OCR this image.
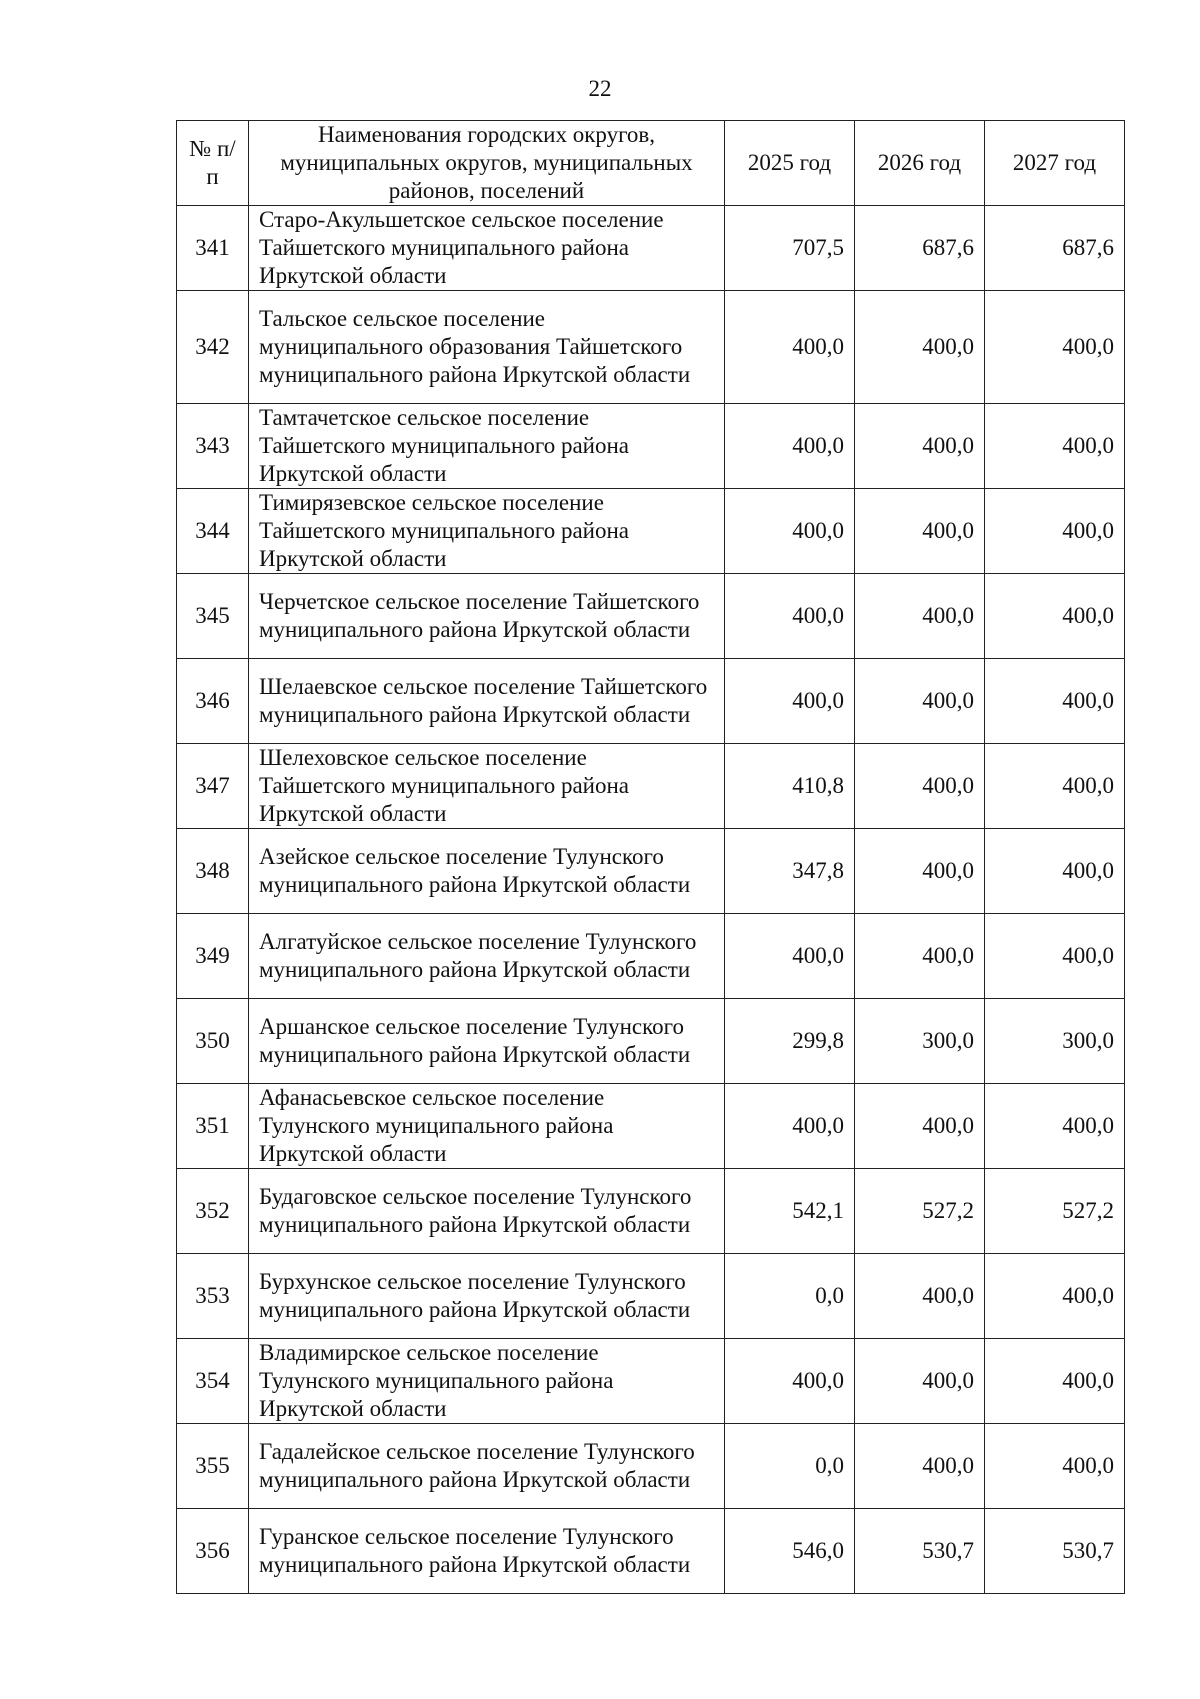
22
№ п/п	Наименования городских округов, муниципальных округов, муниципальных районов, поселений	2025 год	2026 год	2027 год
341	Старо-Акульшетское сельское поселение Тайшетского муниципального района Иркутской области	707,5	687,6	687,6
342	Тальское сельское поселение муниципального образования Тайшетского муниципального района Иркутской области	400,0	400,0	400,0
343	Тамтачетское сельское поселение Тайшетского муниципального района Иркутской области	400,0	400,0	400,0
344	Тимирязевское сельское поселение Тайшетского муниципального района Иркутской области	400,0	400,0	400,0
345	Черчетское сельское поселение Тайшетского муниципального района Иркутской области	400,0	400,0	400,0
346	Шелаевское сельское поселение Тайшетского муниципального района Иркутской области	400,0	400,0	400,0
347	Шелеховское сельское поселение Тайшетского муниципального района Иркутской области	410,8	400,0	400,0
348	Азейское сельское поселение Тулунского муниципального района Иркутской области	347,8	400,0	400,0
349	Алгатуйское сельское поселение Тулунского муниципального района Иркутской области	400,0	400,0	400,0
350	Аршанское сельское поселение Тулунского муниципального района Иркутской области	299,8	300,0	300,0
351	Афанасьевское сельское поселение Тулунского муниципального района Иркутской области	400,0	400,0	400,0
352	Будаговское сельское поселение Тулунского муниципального района Иркутской области	542,1	527,2	527,2
353	Бурхунское сельское поселение Тулунского муниципального района Иркутской области	0,0	400,0	400,0
354	Владимирское сельское поселение Тулунского муниципального района Иркутской области	400,0	400,0	400,0
355	Гадалейское сельское поселение Тулунского муниципального района Иркутской области	0,0	400,0	400,0
356	Гуранское сельское поселение Тулунского муниципального района Иркутской области	546,0	530,7	530,7
